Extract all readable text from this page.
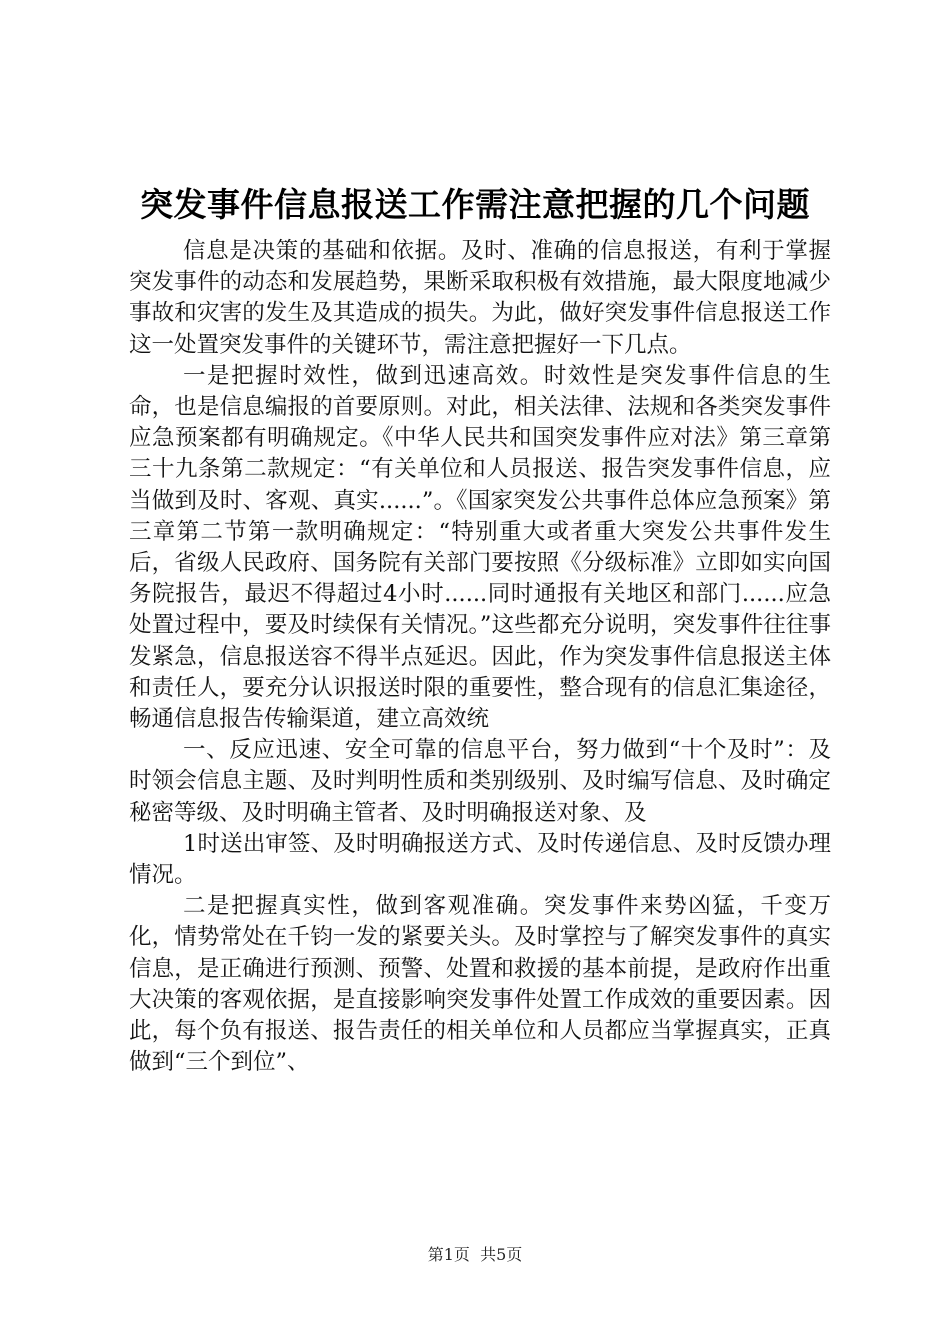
突发事件信息报送工作需注意把握的几个问题

信息是决策的基础和依据。及时、准确的信息报送，有利于掌握突发事件的动态和发展趋势，果断采取积极有效措施，最大限度地减少事故和灾害的发生及其造成的损失。为此，做好突发事件信息报送工作这一处置突发事件的关键环节，需注意把握好一下几点。

一是把握时效性，做到迅速高效。时效性是突发事件信息的生命，也是信息编报的首要原则。对此，相关法律、法规和各类突发事件应急预案都有明确规定。《中华人民共和国突发事件应对法》第三章第三十九条第二款规定：“有关单位和人员报送、报告突发事件信息，应当做到及时、客观、真实......”。《国家突发公共事件总体应急预案》第三章第二节第一款明确规定：“特别重大或者重大突发公共事件发生后，省级人民政府、国务院有关部门要按照《分级标准》立即如实向国务院报告，最迟不得超过4小时......同时通报有关地区和部门......应急处置过程中，要及时续保有关情况。”这些都充分说明，突发事件往往事发紧急，信息报送容不得半点延迟。因此，作为突发事件信息报送主体和责任人，要充分认识报送时限的重要性，整合现有的信息汇集途径，畅通信息报告传输渠道，建立高效统

一、反应迅速、安全可靠的信息平台，努力做到“十个及时”：及时领会信息主题、及时判明性质和类别级别、及时编写信息、及时确定秘密等级、及时明确主管者、及时明确报送对象、及

1时送出审签、及时明确报送方式、及时传递信息、及时反馈办理情况。

二是把握真实性，做到客观准确。突发事件来势凶猛，千变万化，情势常处在千钧一发的紧要关头。及时掌控与了解突发事件的真实信息，是正确进行预测、预警、处置和救援的基本前提，是政府作出重大决策的客观依据，是直接影响突发事件处置工作成效的重要因素。因此，每个负有报送、报告责任的相关单位和人员都应当掌握真实，正真做到“三个到位”、

第1页 共5页
